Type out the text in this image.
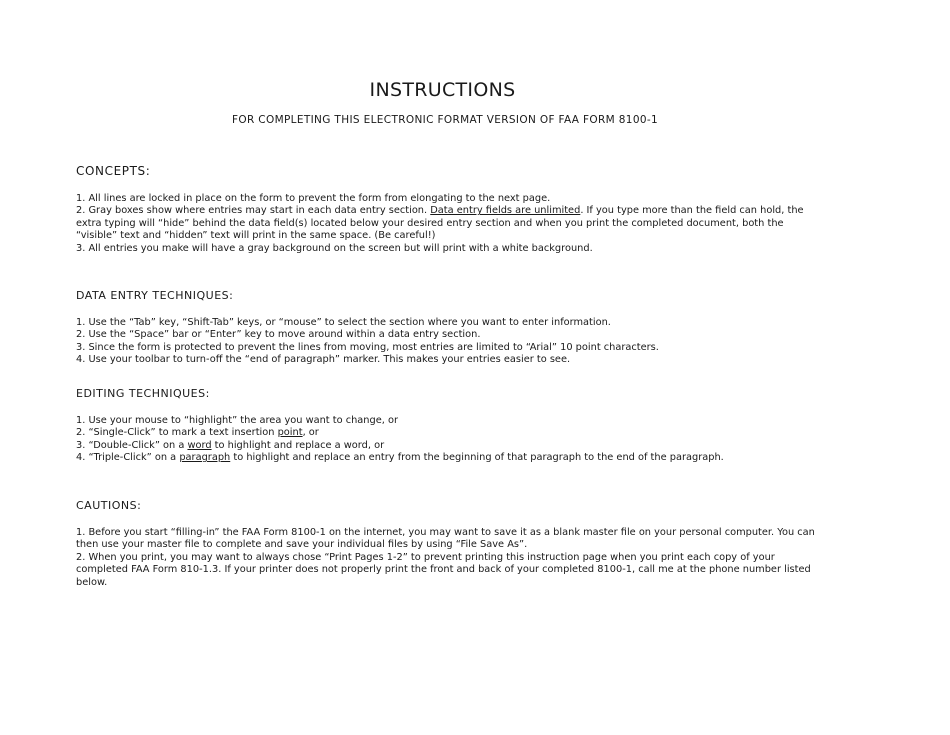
INSTRUCTIONS

FOR COMPLETING THIS ELECTRONIC FORMAT VERSION OF FAA FORM 8100-1

CONCEPTS:
1. All lines are locked in place on the form to prevent the form from elongating to the next page.
2. Gray boxes show where entries may start in each data entry section. Data entry fields are unlimited. If you type more than the field can hold, the extra typing will “hide” behind the data field(s) located below your desired entry section and when you print the completed document, both the “visible” text and “hidden” text will print in the same space. (Be careful!)
3. All entries you make will have a gray background on the screen but will print with a white background.
DATA ENTRY TECHNIQUES:
1. Use the “Tab” key, “Shift-Tab” keys, or “mouse” to select the section where you want to enter information.
2. Use the “Space” bar or “Enter” key to move around within a data entry section.
3. Since the form is protected to prevent the lines from moving, most entries are limited to “Arial” 10 point characters.
4. Use your toolbar to turn-off the “end of paragraph” marker. This makes your entries easier to see.
EDITING TECHNIQUES:
1. Use your mouse to “highlight” the area you want to change, or
2. “Single-Click” to mark a text insertion point, or
3. “Double-Click” on a word to highlight and replace a word, or
4. “Triple-Click” on a paragraph to highlight and replace an entry from the beginning of that paragraph to the end of the paragraph.
CAUTIONS:
1. Before you start “filling-in” the FAA Form 8100-1 on the internet, you may want to save it as a blank master file on your personal computer. You can then use your master file to complete and save your individual files by using “File Save As”.
2. When you print, you may want to always chose “Print Pages 1-2” to prevent printing this instruction page when you print each copy of your completed FAA Form 810-1.3. If your printer does not properly print the front and back of your completed 8100-1, call me at the phone number listed below.
